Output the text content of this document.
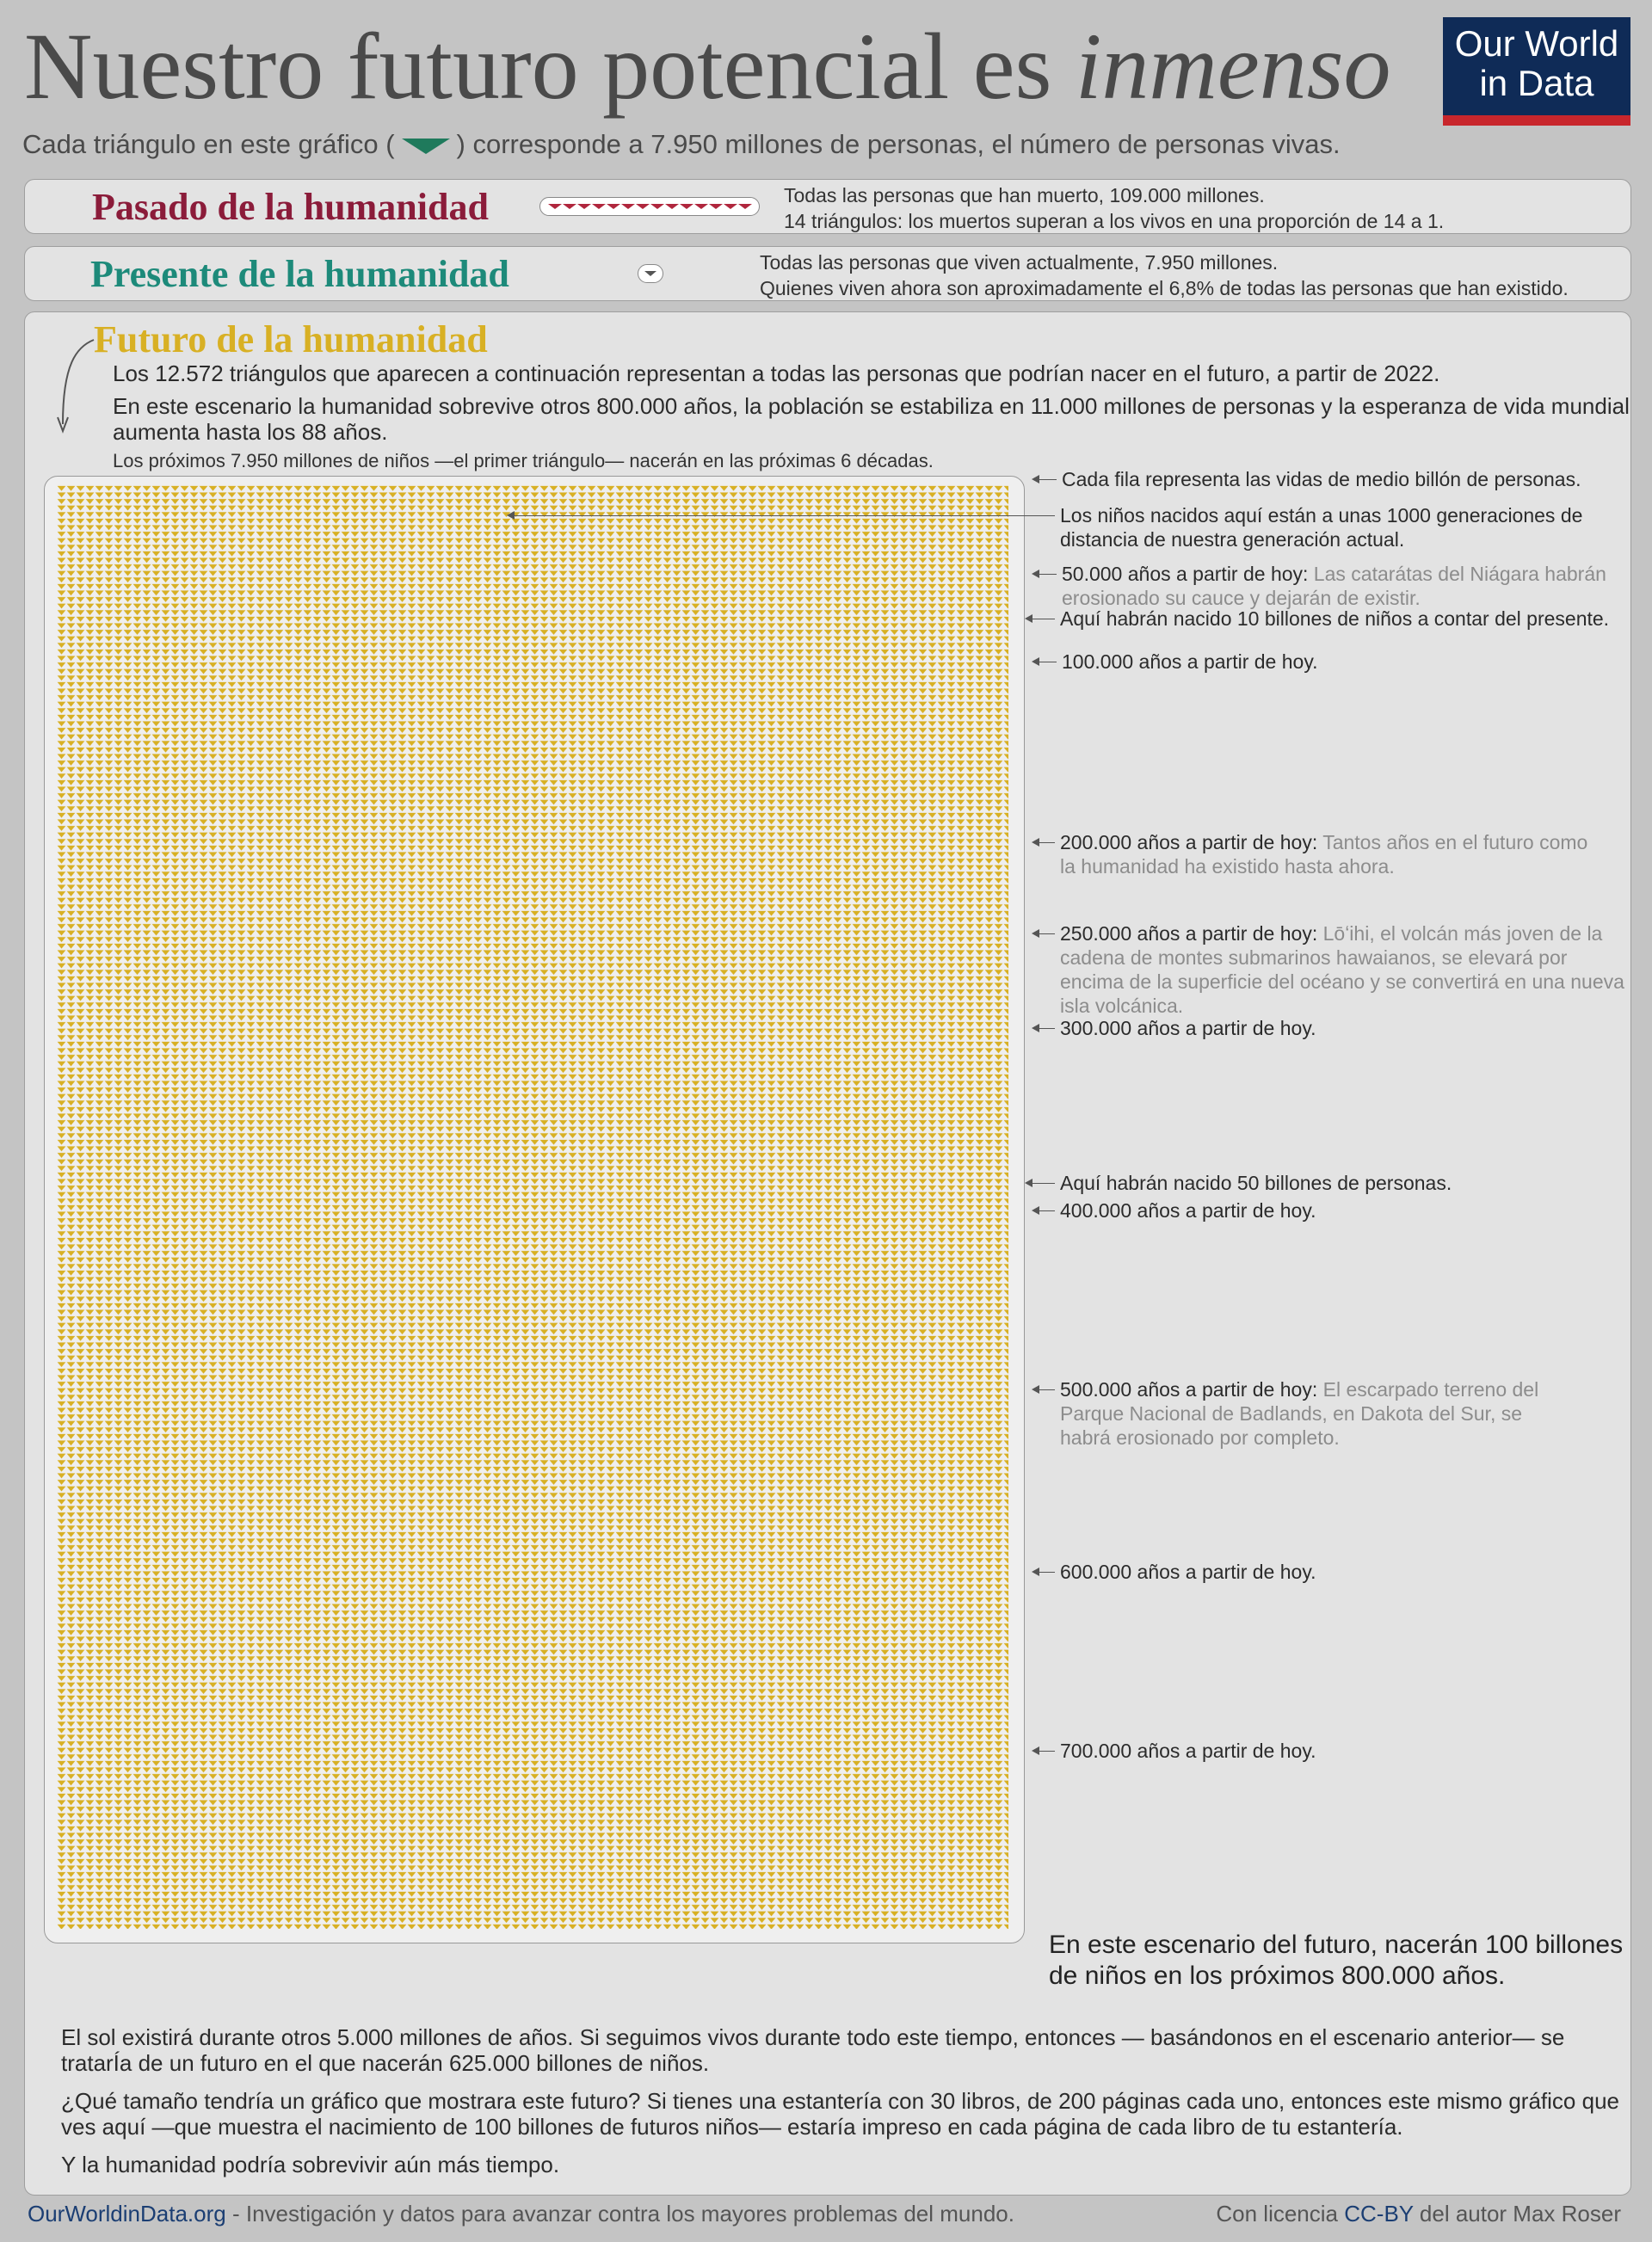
Nuestro futuro potencial es inmenso
Cada triángulo en este gráfico ( ) corresponde a 7.950 millones de personas, el número de personas vivas.
Our World
in Data
Pasado de la humanidad	Todas las personas que han muerto, 109.000 millones.
14 triángulos: los muertos superan a los vivos en una proporción de 14 a 1.
Presente de la humanidad	Todas las personas que viven actualmente, 7.950 millones.
Quienes viven ahora son aproximadamente el 6,8% de todas las personas que han existido.
Futuro de la humanidad

Los 12.572 triángulos que aparecen a continuación representan a todas las personas que podrían nacer en el futuro, a partir de 2022.

En este escenario la humanidad sobrevive otros 800.000 años, la población se estabiliza en 11.000 millones de personas y la esperanza de vida mundial aumenta hasta los 88 años.

Los próximos 7.950 millones de niños —el primer triángulo— nacerán en las próximas 6 décadas.
Cada fila representa las vidas de medio billón de personas.
Los niños nacidos aquí están a unas 1000 generaciones de
distancia de nuestra generación actual.
50.000 años a partir de hoy: Las catarátas del Niágara habrán
erosionado su cauce y dejarán de existir.
Aquí habrán nacido 10 billones de niños a contar del presente.
100.000 años a partir de hoy.
200.000 años a partir de hoy: Tantos años en el futuro como
la humanidad ha existido hasta ahora.
250.000 años a partir de hoy: Lōʻihi, el volcán más joven de la
cadena de montes submarinos hawaianos, se elevará por
encima de la superficie del océano y se convertirá en una nueva
isla volcánica.
300.000 años a partir de hoy.
Aquí habrán nacido 50 billones de personas.
400.000 años a partir de hoy.
500.000 años a partir de hoy: El escarpado terreno del
Parque Nacional de Badlands, en Dakota del Sur, se
habrá erosionado por completo.
600.000 años a partir de hoy.
700.000 años a partir de hoy.
En este escenario del futuro, nacerán 100 billones
de niños en los próximos 800.000 años.

El sol existirá durante otros 5.000 millones de años. Si seguimos vivos durante todo este tiempo, entonces — basándonos en el escenario anterior— se tratarÍa de un futuro en el que nacerán 625.000 billones de niños.

¿Qué tamaño tendría un gráfico que mostrara este futuro? Si tienes una estantería con 30 libros, de 200 páginas cada uno, entonces este mismo gráfico que ves aquí —que muestra el nacimiento de 100 billones de futuros niños— estaría impreso en cada página de cada libro de tu estantería.

Y la humanidad podría sobrevivir aún más tiempo.

OurWorldinData.org - Investigación y datos para avanzar contra los mayores problemas del mundo.	Con licencia CC-BY del autor Max Roser
